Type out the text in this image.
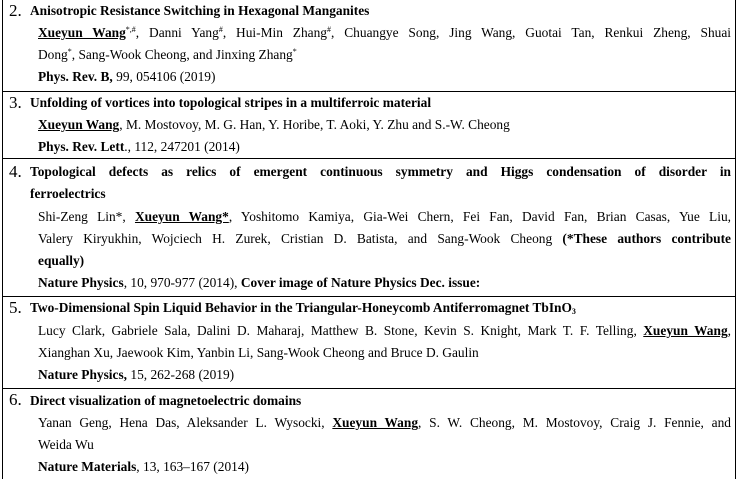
2. Anisotropic Resistance Switching in Hexagonal Manganites
Xueyun Wang*,#, Danni Yang#, Hui-Min Zhang#, Chuangye Song, Jing Wang, Guotai Tan, Renkui Zheng, Shuai
Dong*, Sang-Wook Cheong, and Jinxing Zhang*
Phys. Rev. B, 99, 054106 (2019)
3. Unfolding of vortices into topological stripes in a multiferroic material
Xueyun Wang, M. Mostovoy, M. G. Han, Y. Horibe, T. Aoki, Y. Zhu and S.-W. Cheong
Phys. Rev. Lett., 112, 247201 (2014)
4. Topological defects as relics of emergent continuous symmetry and Higgs condensation of disorder in
ferroelectrics
Shi-Zeng Lin*, Xueyun Wang*, Yoshitomo Kamiya, Gia-Wei Chern, Fei Fan, David Fan, Brian Casas, Yue Liu,
Valery Kiryukhin, Wojciech H. Zurek, Cristian D. Batista, and Sang-Wook Cheong (*These authors contribute
equally)
Nature Physics, 10, 970-977 (2014), Cover image of Nature Physics Dec. issue:
5. Two-Dimensional Spin Liquid Behavior in the Triangular-Honeycomb Antiferromagnet TbInO$_3$
Lucy Clark, Gabriele Sala, Dalini D. Maharaj, Matthew B. Stone, Kevin S. Knight, Mark T. F. Telling, Xueyun Wang,
Xianghan Xu, Jaewook Kim, Yanbin Li, Sang-Wook Cheong and Bruce D. Gaulin
Nature Physics, 15, 262-268 (2019)
6. Direct visualization of magnetoelectric domains
Yanan Geng, Hena Das, Aleksander L. Wysocki, Xueyun Wang, S. W. Cheong, M. Mostovoy, Craig J. Fennie, and
Weida Wu
Nature Materials, 13, 163–167 (2014)
